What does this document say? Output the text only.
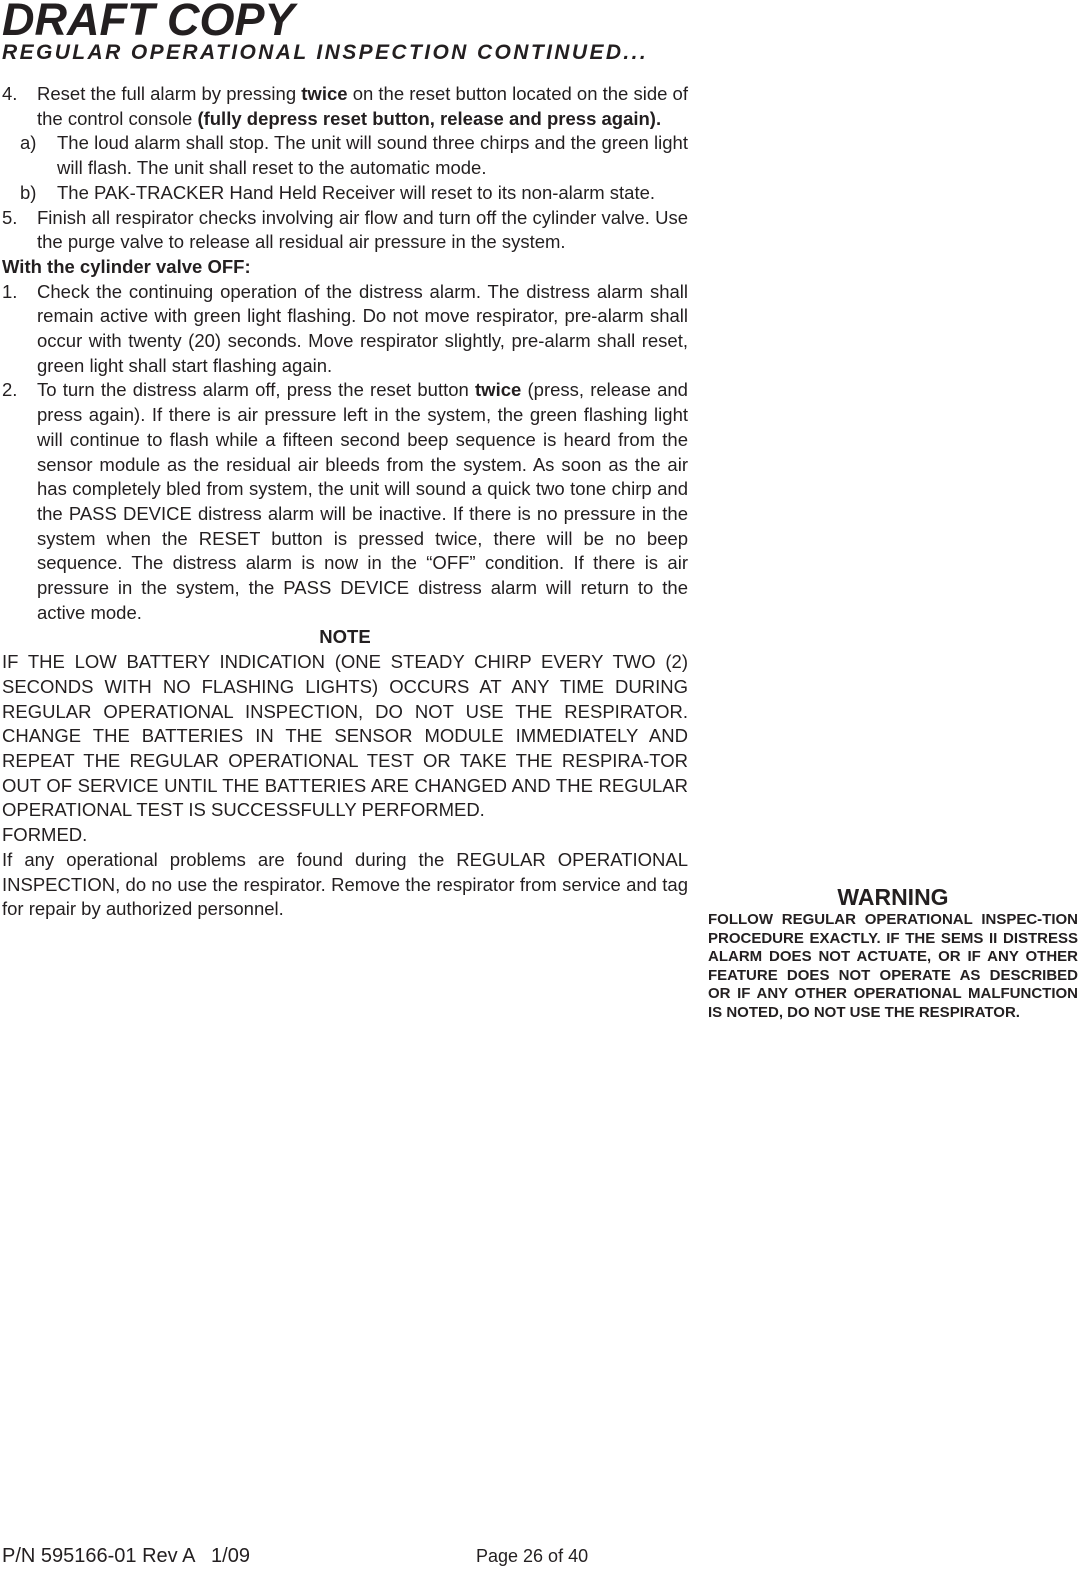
DRAFT COPY
REGULAR OPERATIONAL INSPECTION CONTINUED...
4. Reset the full alarm by pressing twice on the reset button located on the side of the control console (fully depress reset button, release and press again).
a) The loud alarm shall stop. The unit will sound three chirps and the green light will flash. The unit shall reset to the automatic mode.
b) The PAK-TRACKER Hand Held Receiver will reset to its non-alarm state.
5. Finish all respirator checks involving air flow and turn off the cylinder valve. Use the purge valve to release all residual air pressure in the system.
With the cylinder valve OFF:
1. Check the continuing operation of the distress alarm. The distress alarm shall remain active with green light flashing. Do not move respirator, pre-alarm shall occur with twenty (20) seconds. Move respirator slightly, pre-alarm shall reset, green light shall start flashing again.
2. To turn the distress alarm off, press the reset button twice (press, release and press again). If there is air pressure left in the system, the green flashing light will continue to flash while a fifteen second beep sequence is heard from the sensor module as the residual air bleeds from the system. As soon as the air has completely bled from system, the unit will sound a quick two tone chirp and the PASS DEVICE distress alarm will be inactive. If there is no pressure in the system when the RESET button is pressed twice, there will be no beep sequence. The distress alarm is now in the “OFF” condition. If there is air pressure in the system, the PASS DEVICE distress alarm will return to the active mode.
NOTE
IF THE LOW BATTERY INDICATION (ONE STEADY CHIRP EVERY TWO (2) SECONDS WITH NO FLASHING LIGHTS) OCCURS AT ANY TIME DURING REGULAR OPERATIONAL INSPECTION, DO NOT USE THE RESPIRATOR. CHANGE THE BATTERIES IN THE SENSOR MODULE IMMEDIATELY AND REPEAT THE REGULAR OPERATIONAL TEST OR TAKE THE RESPIRA-TOR OUT OF SERVICE UNTIL THE BATTERIES ARE CHANGED AND THE REGULAR OPERATIONAL TEST IS SUCCESSFULLY PERFORMED.
FORMED.
If any operational problems are found during the REGULAR OPERATIONAL INSPECTION, do no use the respirator. Remove the respirator from service and tag for repair by authorized personnel.	WARNING
FOLLOW REGULAR OPERATIONAL INSPEC-TION PROCEDURE EXACTLY. IF THE SEMS II DISTRESS ALARM DOES NOT ACTUATE, OR IF ANY OTHER FEATURE DOES NOT OPERATE AS DESCRIBED OR IF ANY OTHER OPERATIONAL MALFUNCTION IS NOTED, DO NOT USE THE RESPIRATOR.
P/N 595166-01 Rev A   1/09	Page 26 of 40
